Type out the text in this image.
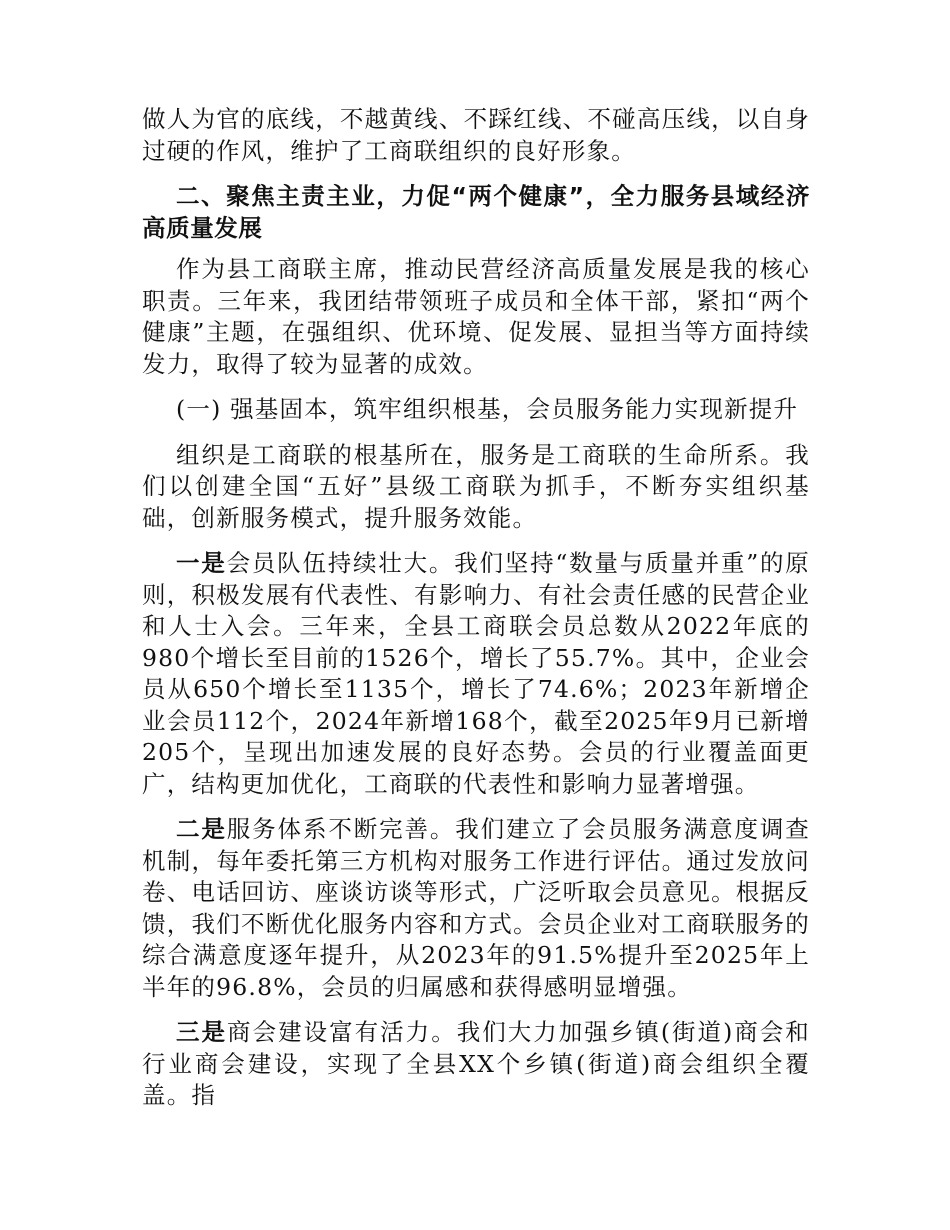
做人为官的底线，不越黄线、不踩红线、不碰高压线，以自身过硬的作风，维护了工商联组织的良好形象。

二、聚焦主责主业，力促“两个健康”，全力服务县域经济高质量发展

作为县工商联主席，推动民营经济高质量发展是我的核心职责。三年来，我团结带领班子成员和全体干部，紧扣“两个健康”主题，在强组织、优环境、促发展、显担当等方面持续发力，取得了较为显著的成效。

(一) 强基固本，筑牢组织根基，会员服务能力实现新提升

组织是工商联的根基所在，服务是工商联的生命所系。我们以创建全国“五好”县级工商联为抓手，不断夯实组织基础，创新服务模式，提升服务效能。

一是会员队伍持续壮大。我们坚持“数量与质量并重”的原则，积极发展有代表性、有影响力、有社会责任感的民营企业和人士入会。三年来，全县工商联会员总数从2022年底的980个增长至目前的1526个，增长了55.7%。其中，企业会员从650个增长至1135个，增长了74.6%；2023年新增企业会员112个，2024年新增168个，截至2025年9月已新增205个，呈现出加速发展的良好态势。会员的行业覆盖面更广，结构更加优化，工商联的代表性和影响力显著增强。

二是服务体系不断完善。我们建立了会员服务满意度调查机制，每年委托第三方机构对服务工作进行评估。通过发放问卷、电话回访、座谈访谈等形式，广泛听取会员意见。根据反馈，我们不断优化服务内容和方式。会员企业对工商联服务的综合满意度逐年提升，从2023年的91.5%提升至2025年上半年的96.8%，会员的归属感和获得感明显增强。

三是商会建设富有活力。我们大力加强乡镇(街道)商会和行业商会建设，实现了全县XX个乡镇(街道)商会组织全覆盖。指
